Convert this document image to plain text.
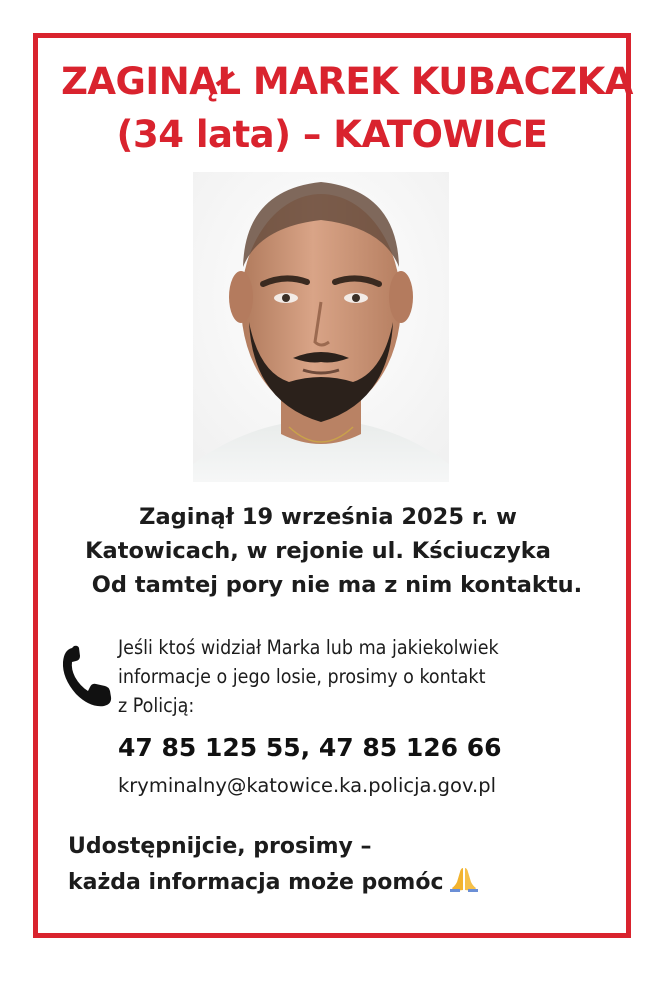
ZAGINĄŁ MAREK KUBACZKA
(34 lata) – KATOWICE
Zaginął 19 września 2025 r. w
Katowicach, w rejonie ul. Kściuczyka
Od tamtej pory nie ma z nim kontaktu.
Jeśli ktoś widział Marka lub ma jakiekolwiek
informacje o jego losie, prosimy o kontakt
z Policją:
47 85 125 55, 47 85 126 66
kryminalny@katowice.ka.policja.gov.pl
Udostępnijcie, prosimy –
każda informacja może pomóc
